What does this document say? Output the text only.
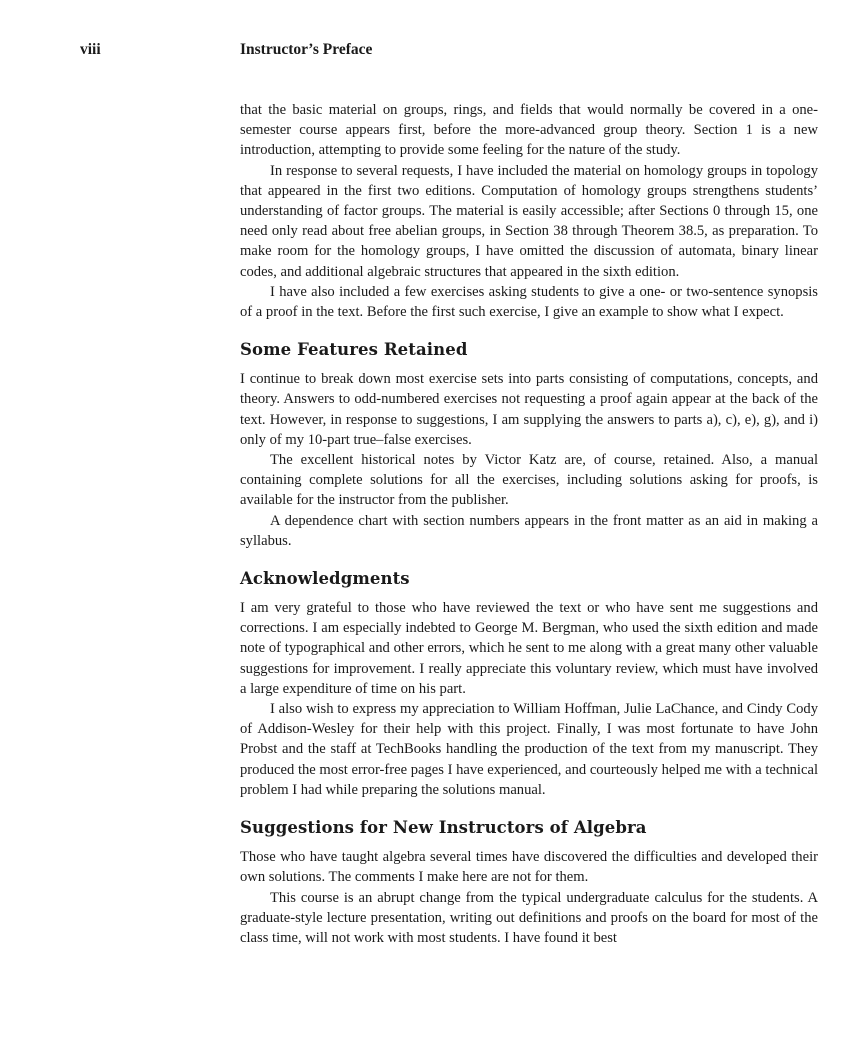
viii	Instructor’s Preface

that the basic material on groups, rings, and fields that would normally be covered in a one-semester course appears first, before the more-advanced group theory. Section 1 is a new introduction, attempting to provide some feeling for the nature of the study.

In response to several requests, I have included the material on homology groups in topology that appeared in the first two editions. Computation of homology groups strengthens students’ understanding of factor groups. The material is easily accessible; after Sections 0 through 15, one need only read about free abelian groups, in Section 38 through Theorem 38.5, as preparation. To make room for the homology groups, I have omitted the discussion of automata, binary linear codes, and additional algebraic structures that appeared in the sixth edition.

I have also included a few exercises asking students to give a one- or two-sentence synopsis of a proof in the text. Before the first such exercise, I give an example to show what I expect.

Some Features Retained

I continue to break down most exercise sets into parts consisting of computations, concepts, and theory. Answers to odd-numbered exercises not requesting a proof again appear at the back of the text. However, in response to suggestions, I am supplying the answers to parts a), c), e), g), and i) only of my 10-part true–false exercises.

The excellent historical notes by Victor Katz are, of course, retained. Also, a manual containing complete solutions for all the exercises, including solutions asking for proofs, is available for the instructor from the publisher.

A dependence chart with section numbers appears in the front matter as an aid in making a syllabus.

Acknowledgments

I am very grateful to those who have reviewed the text or who have sent me suggestions and corrections. I am especially indebted to George M. Bergman, who used the sixth edition and made note of typographical and other errors, which he sent to me along with a great many other valuable suggestions for improvement. I really appreciate this voluntary review, which must have involved a large expenditure of time on his part.

I also wish to express my appreciation to William Hoffman, Julie LaChance, and Cindy Cody of Addison-Wesley for their help with this project. Finally, I was most fortunate to have John Probst and the staff at TechBooks handling the production of the text from my manuscript. They produced the most error-free pages I have experienced, and courteously helped me with a technical problem I had while preparing the solutions manual.

Suggestions for New Instructors of Algebra

Those who have taught algebra several times have discovered the difficulties and developed their own solutions. The comments I make here are not for them.

This course is an abrupt change from the typical undergraduate calculus for the students. A graduate-style lecture presentation, writing out definitions and proofs on the board for most of the class time, will not work with most students. I have found it best
